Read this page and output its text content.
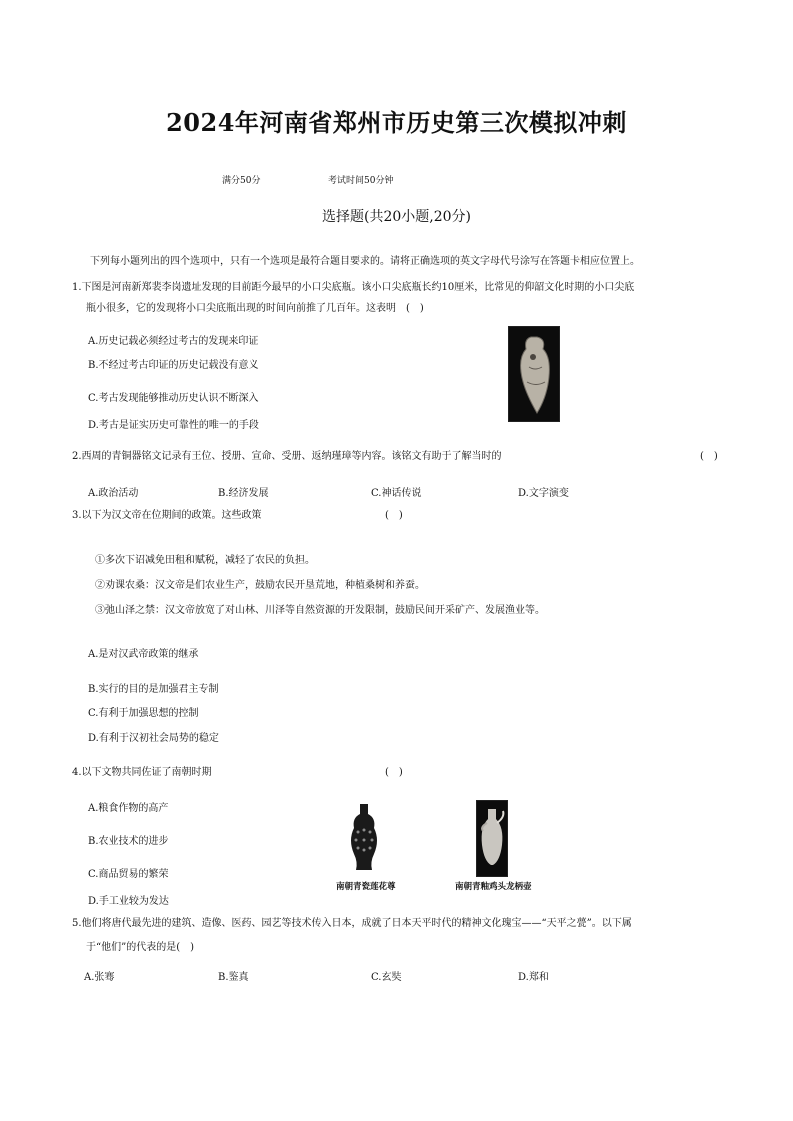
2024年河南省郑州市历史第三次模拟冲刺
满分50分	考试时间50分钟
选择题(共20小题,20分)
下列每小题列出的四个选项中，只有一个选项是最符合题目要求的。请将正确选项的英文字母代号涂写在答题卡相应位置上。
1.下图是河南新郑裴李岗遗址发现的目前距今最早的小口尖底瓶。该小口尖底瓶长约10厘米，比常见的仰韶文化时期的小口尖底
瓶小很多，它的发现将小口尖底瓶出现的时间向前推了几百年。这表明　(　)
A.历史记载必须经过考古的发现来印证
B.不经过考古印证的历史记载没有意义
C.考古发现能够推动历史认识不断深入
D.考古是证实历史可靠性的唯一的手段
2.西周的青铜器铭文记录有王位、授册、宣命、受册、返纳瑾璋等内容。该铭文有助于了解当时的	(　)
A.政治活动	B.经济发展	C.神话传说	D.文字演变
3.以下为汉文帝在位期间的政策。这些政策	(　)
①多次下诏减免田租和赋税，减轻了农民的负担。
②劝课农桑：汉文帝是们农业生产，鼓励农民开垦荒地，种植桑树和养蚕。
③弛山泽之禁：汉文帝放宽了对山林、川泽等自然资源的开发限制，鼓励民间开采矿产、发展渔业等。
A.是对汉武帝政策的继承
B.实行的目的是加强君主专制
C.有利于加强思想的控制
D.有利于汉初社会局势的稳定
4.以下文物共同佐证了南朝时期	(　)
A.粮食作物的高产
B.农业技术的进步
C.商品贸易的繁荣
D.手工业较为发达
南朝青瓷莲花尊	南朝青釉鸡头龙柄壶
5.他们将唐代最先进的建筑、造像、医药、园艺等技术传入日本，成就了日本天平时代的精神文化瑰宝——“天平之甍”。以下属
于“他们”的代表的是(　)
A.张骞	B.鉴真	C.玄奘	D.郑和
